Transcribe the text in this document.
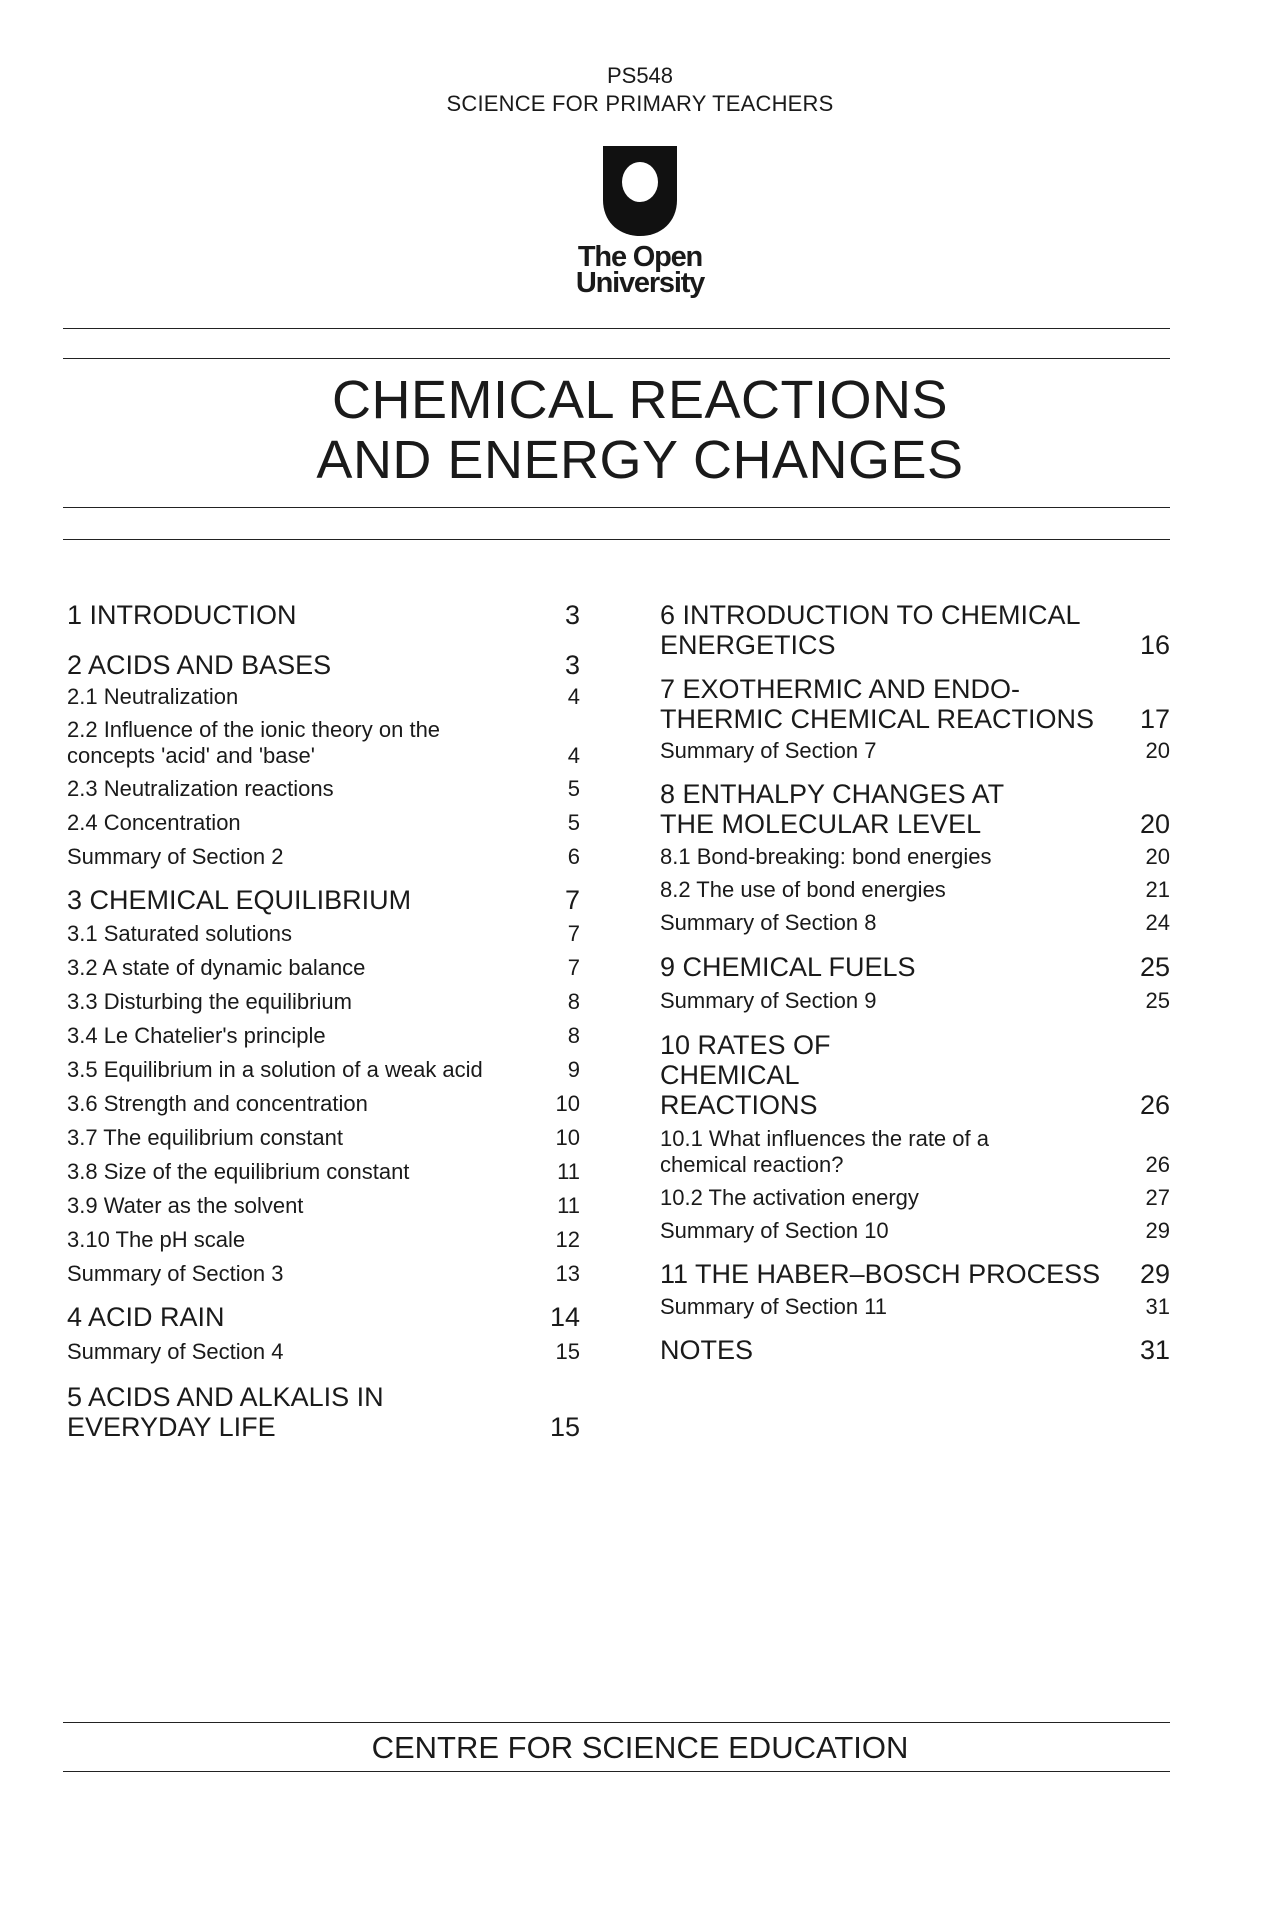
PS548
SCIENCE FOR PRIMARY TEACHERS
The Open
University
CHEMICAL REACTIONS
AND ENERGY CHANGES
1 INTRODUCTION	3
2 ACIDS AND BASES	3
2.1 Neutralization	4
2.2 Influence of the ionic theory on the concepts 'acid' and 'base'	4
2.3 Neutralization reactions	5
2.4 Concentration	5
Summary of Section 2	6
3 CHEMICAL EQUILIBRIUM	7
3.1 Saturated solutions	7
3.2 A state of dynamic balance	7
3.3 Disturbing the equilibrium	8
3.4 Le Chatelier's principle	8
3.5 Equilibrium in a solution of a weak acid	9
3.6 Strength and concentration	10
3.7 The equilibrium constant	10
3.8 Size of the equilibrium constant	11
3.9 Water as the solvent	11
3.10 The pH scale	12
Summary of Section 3	13
4 ACID RAIN	14
Summary of Section 4	15
5 ACIDS AND ALKALIS IN EVERYDAY LIFE	15
6 INTRODUCTION TO CHEMICAL ENERGETICS	16
7 EXOTHERMIC AND ENDO-THERMIC CHEMICAL REACTIONS	17
Summary of Section 7	20
8 ENTHALPY CHANGES AT THE MOLECULAR LEVEL	20
8.1 Bond-breaking: bond energies	20
8.2 The use of bond energies	21
Summary of Section 8	24
9 CHEMICAL FUELS	25
Summary of Section 9	25
10 RATES OF CHEMICAL REACTIONS	26
10.1 What influences the rate of a chemical reaction?	26
10.2 The activation energy	27
Summary of Section 10	29
11 THE HABER–BOSCH PROCESS	29
Summary of Section 11	31
NOTES	31
CENTRE FOR SCIENCE EDUCATION
